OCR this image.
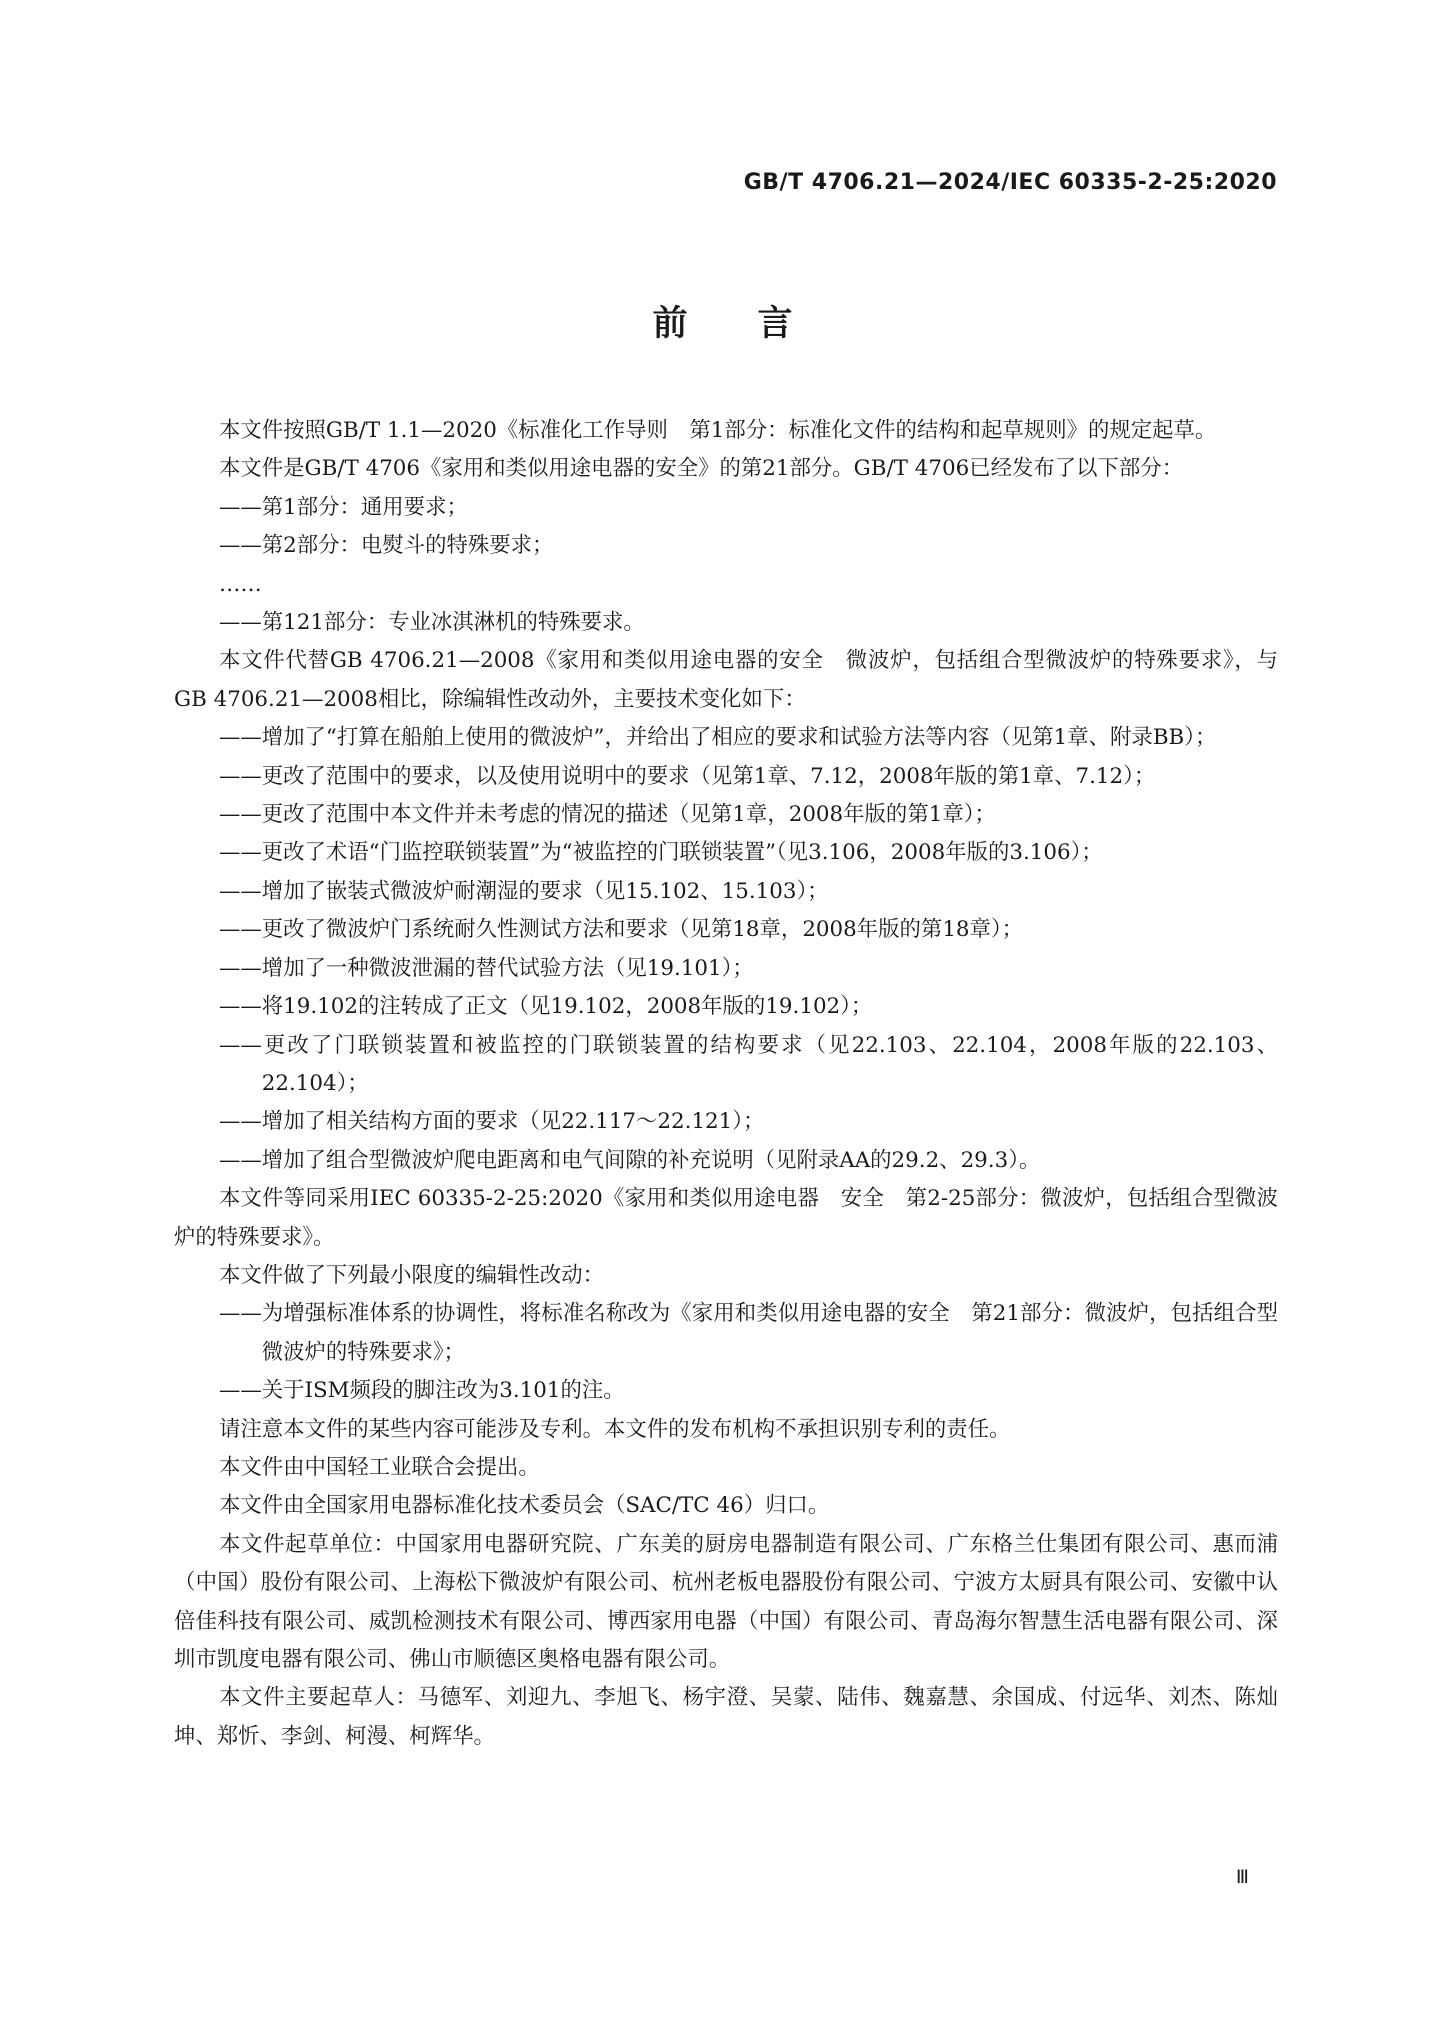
GB/T 4706.21—2024/IEC 60335-2-25:2020
前言

本文件按照GB/T 1.1—2020《标准化工作导则　第1部分：标准化文件的结构和起草规则》的规定起草。

本文件是GB/T 4706《家用和类似用途电器的安全》的第21部分。GB/T 4706已经发布了以下部分：

——第1部分：通用要求；

——第2部分：电熨斗的特殊要求；

……

——第121部分：专业冰淇淋机的特殊要求。

本文件代替GB 4706.21—2008《家用和类似用途电器的安全　微波炉，包括组合型微波炉的特殊要求》，与GB 4706.21—2008相比，除编辑性改动外，主要技术变化如下：

——增加了“打算在船舶上使用的微波炉”，并给出了相应的要求和试验方法等内容（见第1章、附录BB）；

——更改了范围中的要求，以及使用说明中的要求（见第1章、7.12，2008年版的第1章、7.12）；

——更改了范围中本文件并未考虑的情况的描述（见第1章，2008年版的第1章）；

——更改了术语“门监控联锁装置”为“被监控的门联锁装置”（见3.106，2008年版的3.106）；

——增加了嵌装式微波炉耐潮湿的要求（见15.102、15.103）；

——更改了微波炉门系统耐久性测试方法和要求（见第18章，2008年版的第18章）；

——增加了一种微波泄漏的替代试验方法（见19.101）；

——将19.102的注转成了正文（见19.102，2008年版的19.102）；

——更改了门联锁装置和被监控的门联锁装置的结构要求（见22.103、22.104，2008年版的22.103、22.104）；

——增加了相关结构方面的要求（见22.117～22.121）；

——增加了组合型微波炉爬电距离和电气间隙的补充说明（见附录AA的29.2、29.3）。

本文件等同采用IEC 60335-2-25:2020《家用和类似用途电器　安全　第2-25部分：微波炉，包括组合型微波炉的特殊要求》。

本文件做了下列最小限度的编辑性改动：

——为增强标准体系的协调性，将标准名称改为《家用和类似用途电器的安全　第21部分：微波炉，包括组合型微波炉的特殊要求》；

——关于ISM频段的脚注改为3.101的注。

请注意本文件的某些内容可能涉及专利。本文件的发布机构不承担识别专利的责任。

本文件由中国轻工业联合会提出。

本文件由全国家用电器标准化技术委员会（SAC/TC 46）归口。

本文件起草单位：中国家用电器研究院、广东美的厨房电器制造有限公司、广东格兰仕集团有限公司、惠而浦（中国）股份有限公司、上海松下微波炉有限公司、杭州老板电器股份有限公司、宁波方太厨具有限公司、安徽中认倍佳科技有限公司、威凯检测技术有限公司、博西家用电器（中国）有限公司、青岛海尔智慧生活电器有限公司、深圳市凯度电器有限公司、佛山市顺德区奥格电器有限公司。

本文件主要起草人：马德军、刘迎九、李旭飞、杨宇澄、吴蒙、陆伟、魏嘉慧、余国成、付远华、刘杰、陈灿坤、郑忻、李剑、柯漫、柯辉华。

Ⅲ
